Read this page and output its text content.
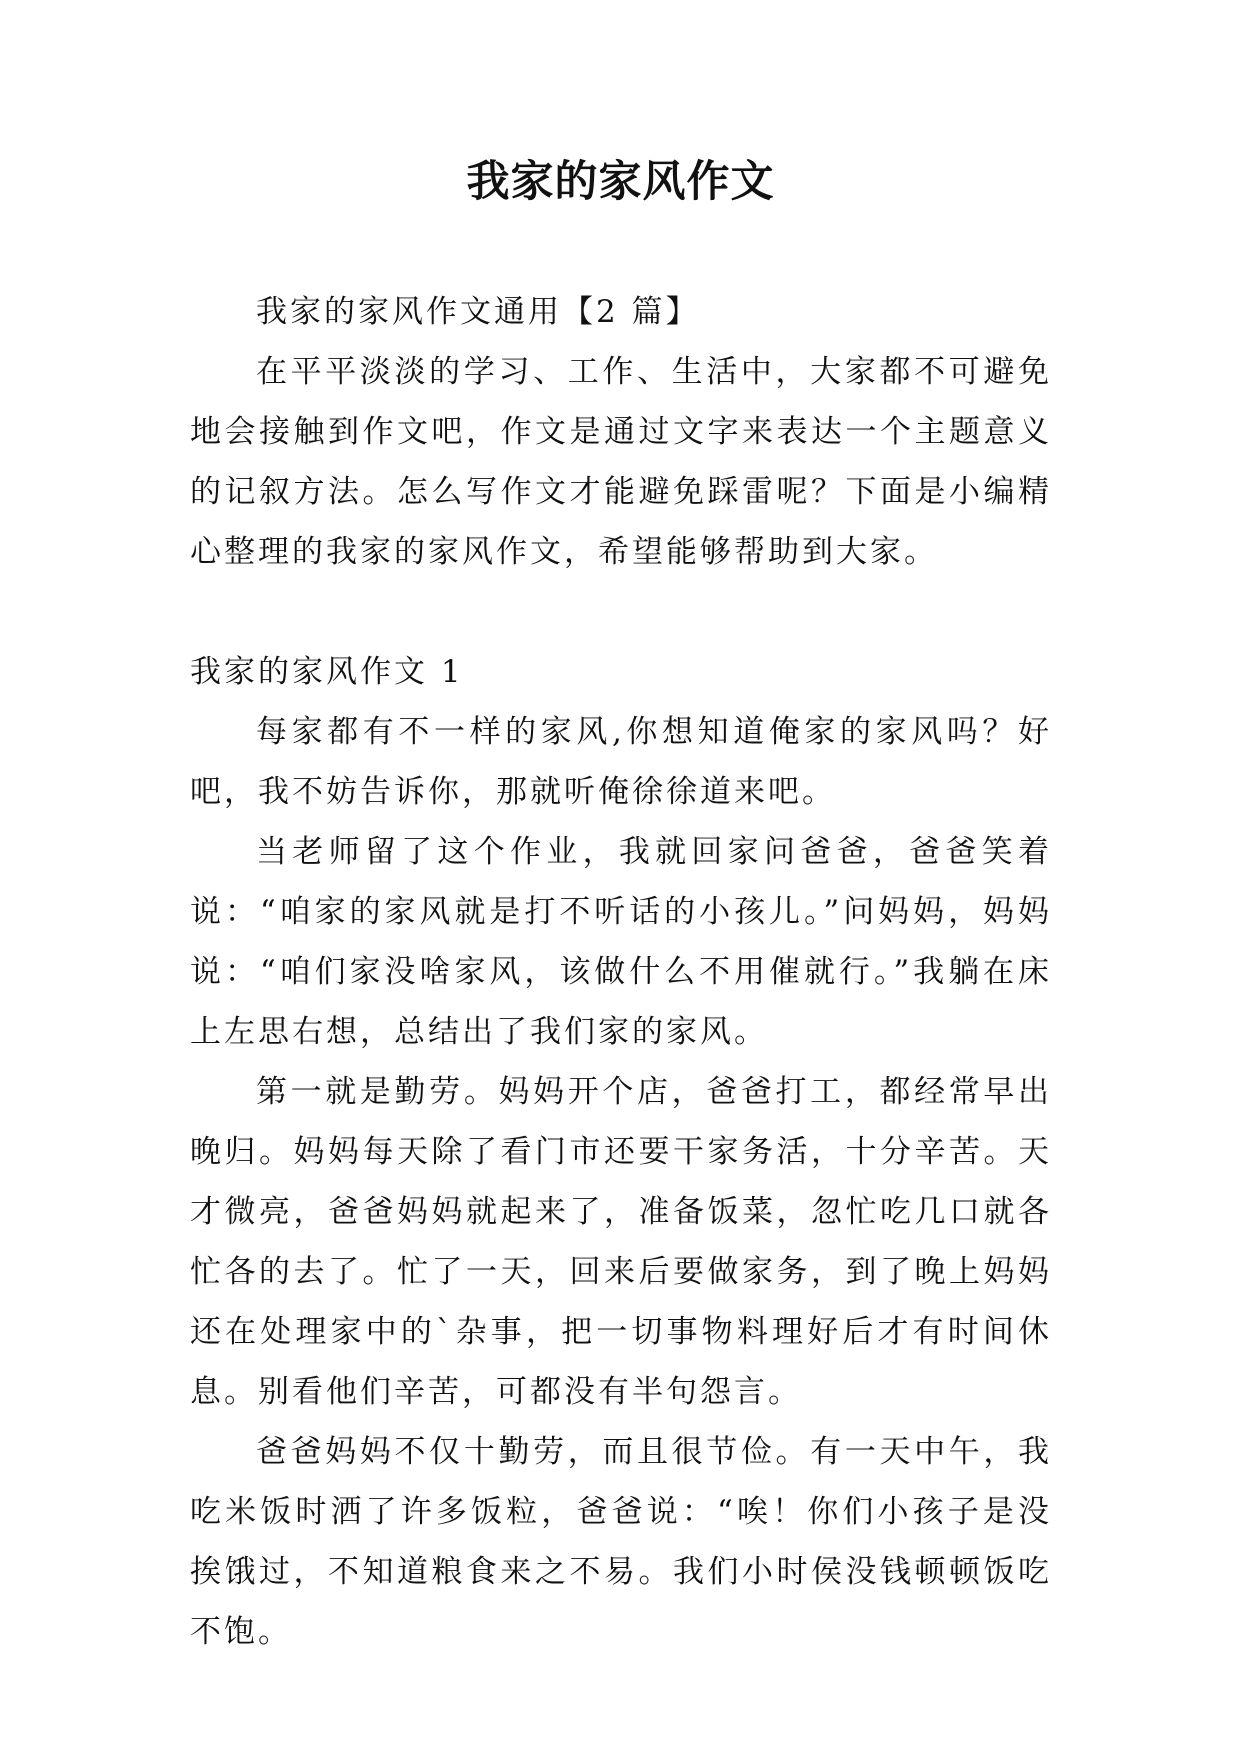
我家的家风作文

我家的家风作文通用【2 篇】

在平平淡淡的学习、工作、生活中，大家都不可避免地会接触到作文吧，作文是通过文字来表达一个主题意义的记叙方法。怎么写作文才能避免踩雷呢？下面是小编精心整理的我家的家风作文，希望能够帮助到大家。

我家的家风作文 1

每家都有不一样的家风,你想知道俺家的家风吗？好吧，我不妨告诉你，那就听俺徐徐道来吧。

当老师留了这个作业，我就回家问爸爸，爸爸笑着说：“咱家的家风就是打不听话的小孩儿。”问妈妈，妈妈说：“咱们家没啥家风，该做什么不用催就行。”我躺在床上左思右想，总结出了我们家的家风。

第一就是勤劳。妈妈开个店，爸爸打工，都经常早出晚归。妈妈每天除了看门市还要干家务活，十分辛苦。天才微亮，爸爸妈妈就起来了，准备饭菜，忽忙吃几口就各忙各的去了。忙了一天，回来后要做家务，到了晚上妈妈还在处理家中的`杂事，把一切事物料理好后才有时间休息。别看他们辛苦，可都没有半句怨言。

爸爸妈妈不仅十勤劳，而且很节俭。有一天中午，我吃米饭时洒了许多饭粒，爸爸说：“唉！你们小孩子是没挨饿过，不知道粮食来之不易。我们小时侯没钱顿顿饭吃不饱。
